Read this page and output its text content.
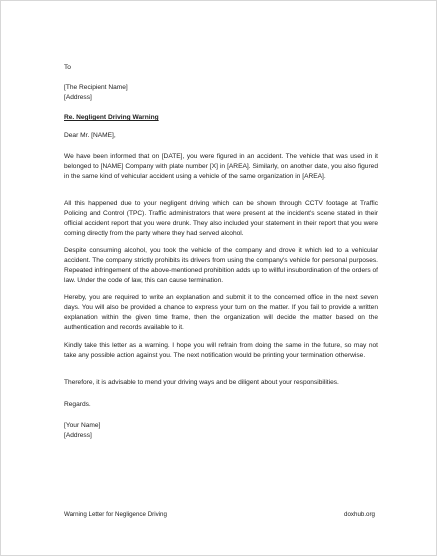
To
[The Recipient Name]
[Address]
Re. Negligent Driving Warning
Dear Mr. [NAME],
We have been informed that on [DATE], you were figured in an accident. The vehicle that was used in it belonged to [NAME] Company with plate number [X] in [AREA]. Similarly, on another date, you also figured in the same kind of vehicular accident using a vehicle of the same organization in [AREA].
All this happened due to your negligent driving which can be shown through CCTV footage at Traffic Policing and Control (TPC). Traffic administrators that were present at the incident's scene stated in their official accident report that you were drunk. They also included your statement in their report that you were coming directly from the party where they had served alcohol.
Despite consuming alcohol, you took the vehicle of the company and drove it which led to a vehicular accident. The company strictly prohibits its drivers from using the company's vehicle for personal purposes. Repeated infringement of the above-mentioned prohibition adds up to willful insubordination of the orders of law. Under the code of law, this can cause termination.
Hereby, you are required to write an explanation and submit it to the concerned office in the next seven days. You will also be provided a chance to express your turn on the matter. If you fail to provide a written explanation within the given time frame, then the organization will decide the matter based on the authentication and records available to it.
Kindly take this letter as a warning. I hope you will refrain from doing the same in the future, so may not take any possible action against you. The next notification would be printing your termination otherwise.
Therefore, it is advisable to mend your driving ways and be diligent about your responsibilities.
Regards.
[Your Name]
[Address]
Warning Letter for Negligence Driving	doxhub.org
